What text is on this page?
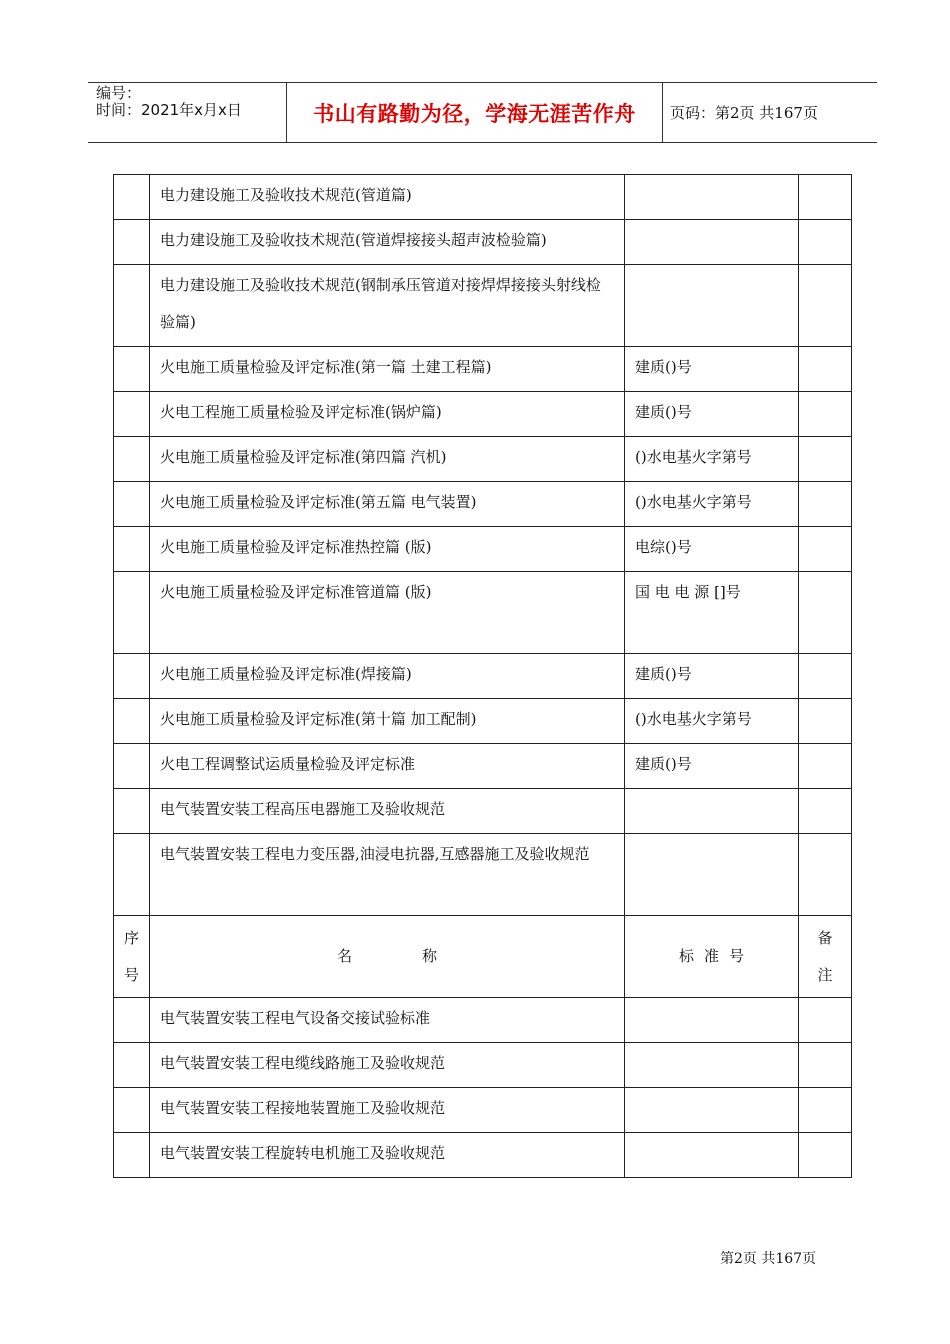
编号：
时间：2021年x月x日	书山有路勤为径，学海无涯苦作舟	页码：第2页 共167页
	电力建设施工及验收技术规范(管道篇)		
	电力建设施工及验收技术规范(管道焊接接头超声波检验篇)		
	电力建设施工及验收技术规范(钢制承压管道对接焊焊接接头射线检验篇)		
	火电施工质量检验及评定标准(第一篇 土建工程篇)	建质()号	
	火电工程施工质量检验及评定标准(锅炉篇)	建质()号	
	火电施工质量检验及评定标准(第四篇 汽机)	()水电基火字第号	
	火电施工质量检验及评定标准(第五篇 电气装置)	()水电基火字第号	
	火电施工质量检验及评定标准热控篇 (版)	电综()号	
	火电施工质量检验及评定标准管道篇 (版)	国 电 电 源 []号	
	火电施工质量检验及评定标准(焊接篇)	建质()号	
	火电施工质量检验及评定标准(第十篇 加工配制)	()水电基火字第号	
	火电工程调整试运质量检验及评定标准	建质()号	
	电气装置安装工程高压电器施工及验收规范		
	电气装置安装工程电力变压器,油浸电抗器,互感器施工及验收规范		
序号	名称	标准号	备注
	电气装置安装工程电气设备交接试验标准		
	电气装置安装工程电缆线路施工及验收规范		
	电气装置安装工程接地装置施工及验收规范		
	电气装置安装工程旋转电机施工及验收规范		
第2页 共167页
